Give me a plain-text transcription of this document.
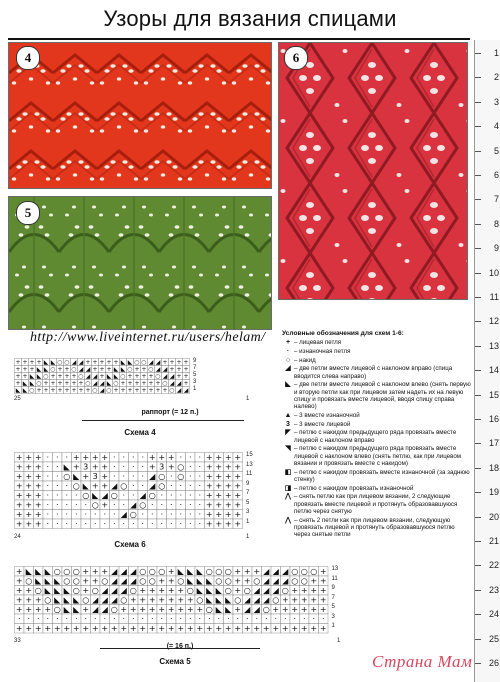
Узоры для вязания спицами
4
5
6
http://www.liveinternet.ru/users/helam/
+ + + + ◣ ◣ ○ ○ ◢ ◢ + + + + + ◣ ◣ ○ ○ ◢ ◢ + + + +
+ + + ◣ ◣ ○ + + ○ ◢ ◢ + + + ◣ ◣ ○ + + ○ ◢ ◢ + + +
+ + ◣ ◣ ○ + + + + ○ ◢ ◢ + ◣ ◣ ○ + + + + ○ ◢ ◢ + +
+ ◣ ◣ ○ + + + + + + ○ ◢ ◢ ◣ ○ + + + + + + ○ ◢ ◢ +
◣ ◣ ○ + + + + + + + + ○ ◢ ○ + + + + + + + + ○ ◢ ◢
25	1
9
7
5
3
1
раппорт (= 12 п.)
Схема 4
+ + + · · · + + + + · · · · + + + · · · + + + +
+ + + · · ◣ + 3 + + · · · · + 3 + ○ · · + + + +
+ + + · · ○ ◣ + 3 + · · · · ◢ ○ · ○ · · + + + +
+ + + · · · ○ ◣ + + ◢ ○ · · ◢ ○ · · · · + + + +
+ + + · · · · ○ ◣ ◢ ○ · · ◢ ○ · · · · · + + + +
+ + + · · · · · ○ + · · ◢ ○ · · · · · · + + + +
+ + + · · · · · · · · ◢ ○ · · · · · · · + + + +
+ + + · · · · · · · · · · · · · · · · · + + + +
24	1
15
13
11
9
7
5
3
1
Схема 6
+ ◣ ◣ ◣ ○ ○ ○ + + + ◢ ◢ ◢ ○ ○ ○ + ◣ ◣ ◣ ○ ○ ○ + + + ◢ ◢ ◢ ○ ○ ○ +
+ ○ ◣ ◣ ◣ ○ ○ + + ○ ◢ ◢ ◢ ○ ○ + + ○ ◣ ◣ ◣ ○ ○ + + ○ ◢ ◢ ◢ ○ ○ + +
+ + ○ ◣ ◣ ◣ ○ + ○ ◢ ◢ ◢ ○ + + + + + ○ ◣ ◣ ◣ ○ + ○ ◢ ◢ ◢ ○ + + + +
+ + + ○ ◣ ◣ ◣ ○ ◢ ◢ ◢ ○ + + + + + + + ○ ◣ ◣ ◣ ○ ◢ ◢ ◢ ○ + + + + +
+ + + + ○ ◣ ◣ + ◢ ◢ ○ + + + + + + + + + ○ ◣ ◣ + ◢ ◢ ○ + + + + + +
· · · · · · · · · · · · · · · · · · · · · · · · · · · · · · · · ·
+ + + + + + + + + + + + + + + + + + + + + + + + + + + + + + + + +
33	1
13
11
9
7
5
3
1
(= 16 п.)
Схема 5
Условные обозначения для схем 1-6:
+ – лицевая петля
· – изнаночная петля
○ – накид
◢ – две петли вместе лицевой с наклоном вправо (спица вводится слева направо)
◣ – две петли вместе лицевой с наклоном влево (снять первую и вторую петли как при лицевом затем надеть их на левую спицу и провязать вместе лицевой, вводя спицу справа налево)
▲ – 3 вместе изнаночной
3 – 3 вместе лицевой
◤ – петлю с накидом предыдущего ряда провязать вместе лицевой с наклоном вправо
◥ – петлю с накидом предыдущего ряда провязать вместе лицевой с наклоном влево (снять петлю, как при лицевом вязании и провязать вместе с накидом)
◧ – петлю с накидом провязать вместе изнаночной (за заднюю стенку)
◨ – петлю с накидом провязать изнаночной
⋀ – снять петлю как при лицевом вязании, 2 следующие провязать вместе лицевой и протянуть образовавшуюся петлю через снятую
⋀ – снять 2 петли как при лицевом вязании, следующую провязать лицевой и протянуть образовавшуюся петлю через снятые петли
1
2
3
4
5
6
7
8
9
10
11
12
13
14
15
16
17
18
19
20
21
22
23
24
25
26
Страна Мам
